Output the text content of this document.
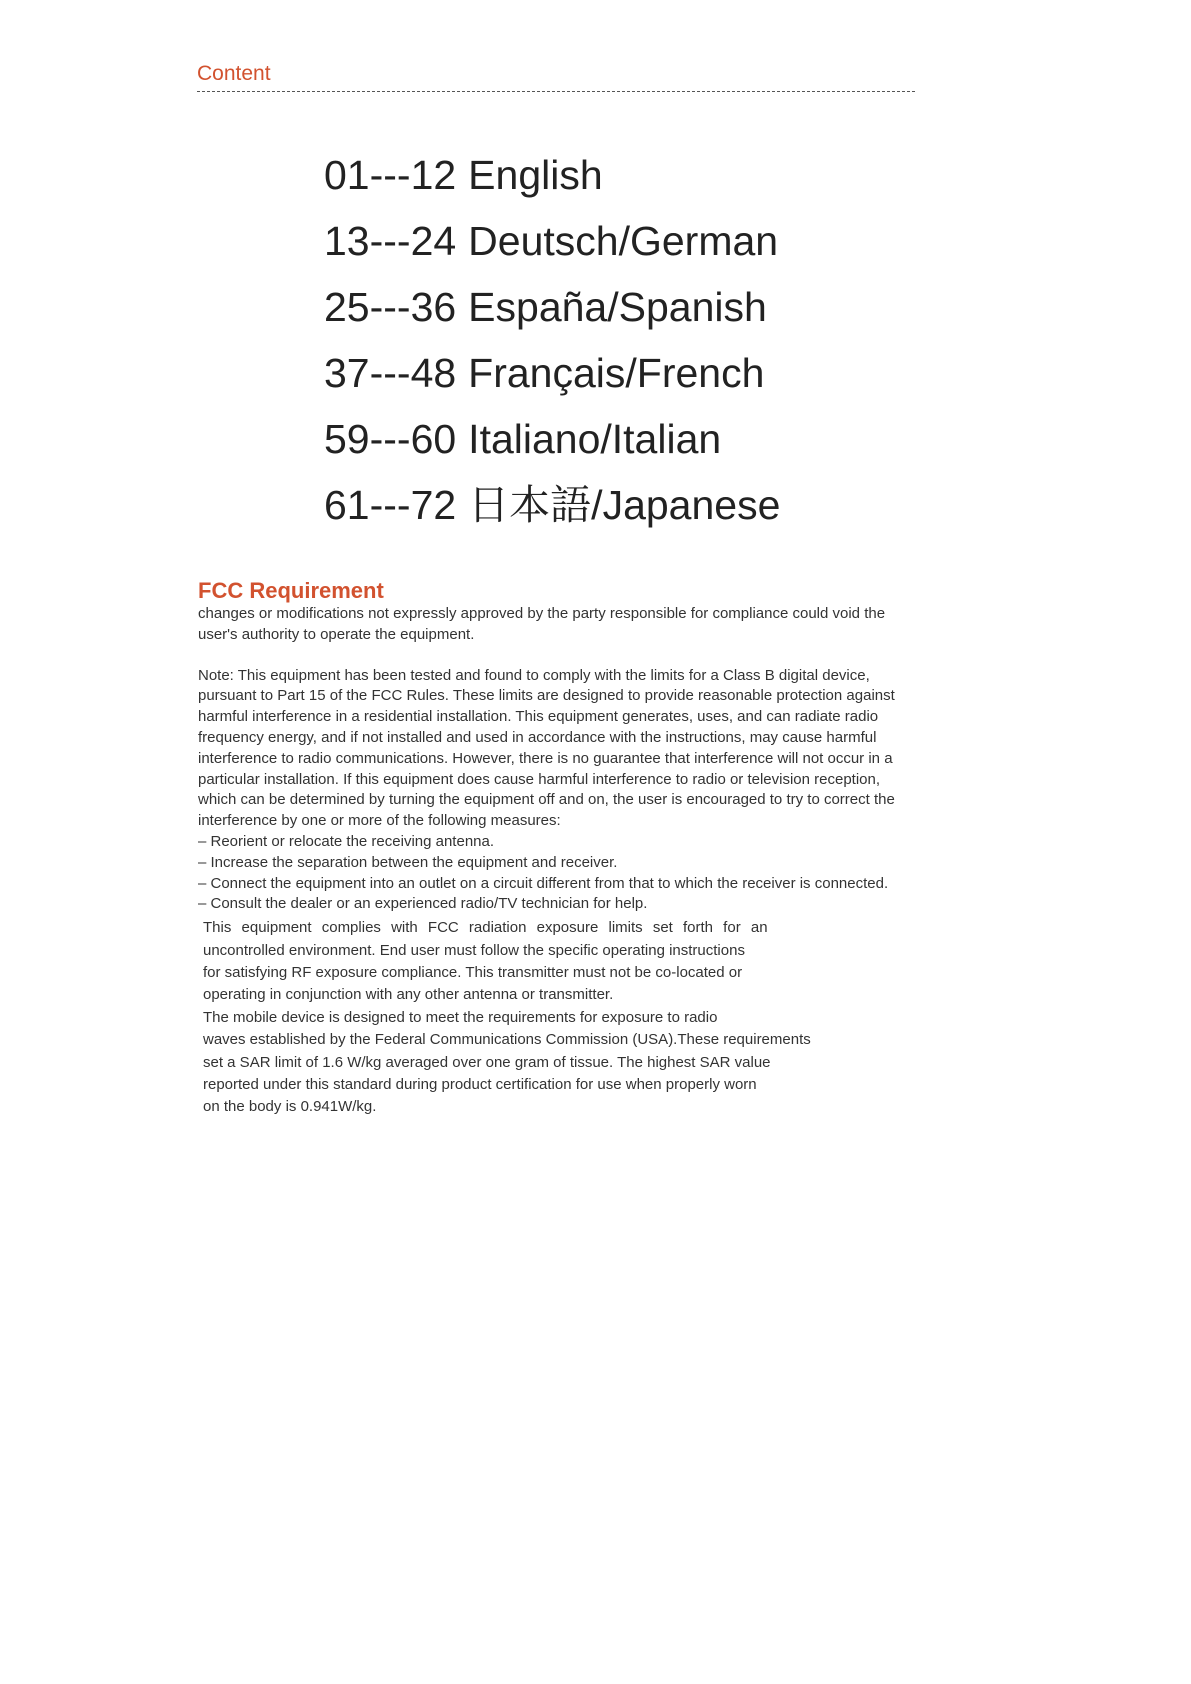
Content
01---12 English
13---24 Deutsch/German
25---36 España/Spanish
37---48 Français/French
59---60 Italiano/Italian
61---72 日本語/Japanese
FCC Requirement

changes or modifications not expressly approved by the party responsible for compliance could void the user's authority to operate the equipment.

Note: This equipment has been tested and found to comply with the limits for a Class B digital device, pursuant to Part 15 of the FCC Rules. These limits are designed to provide reasonable protection against harmful interference in a residential installation. This equipment generates, uses, and can radiate radio frequency energy, and if not installed and used in accordance with the instructions, may cause harmful interference to radio communications. However, there is no guarantee that interference will not occur in a particular installation. If this equipment does cause harmful interference to radio or television reception, which can be determined by turning the equipment off and on, the user is encouraged to try to correct the interference by one or more of the following measures:

– Reorient or relocate the receiving antenna.

– Increase the separation between the equipment and receiver.

– Connect the equipment into an outlet on a circuit different from that to which the receiver is connected.

– Consult the dealer or an experienced radio/TV technician for help.

This equipment complies with FCC radiation exposure limits set forth for an
uncontrolled environment. End user must follow the specific operating instructions
for satisfying RF exposure compliance. This transmitter must not be co-located or
operating in conjunction with any other antenna or transmitter.
The mobile device is designed to meet the requirements for exposure to radio
waves established by the Federal Communications Commission (USA).These requirements
set a SAR limit of 1.6 W/kg averaged over one gram of tissue. The highest SAR value
reported under this standard during product certification for use when properly worn
on the body is 0.941W/kg.
